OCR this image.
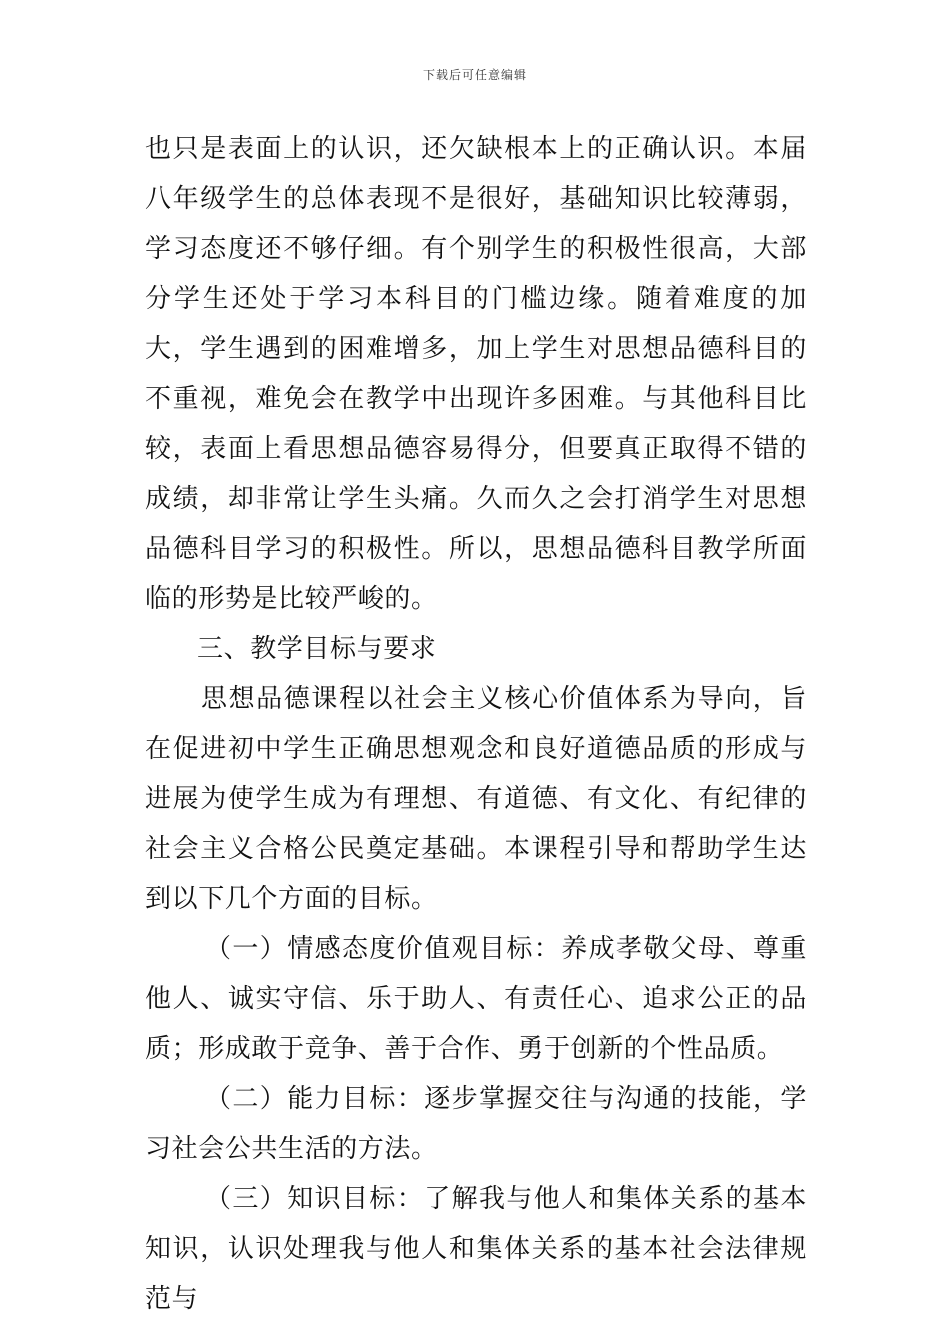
下载后可任意编辑

也只是表面上的认识，还欠缺根本上的正确认识。本届八年级学生的总体表现不是很好，基础知识比较薄弱，学习态度还不够仔细。有个别学生的积极性很高，大部分学生还处于学习本科目的门槛边缘。随着难度的加大，学生遇到的困难增多，加上学生对思想品德科目的不重视，难免会在教学中出现许多困难。与其他科目比较，表面上看思想品德容易得分，但要真正取得不错的成绩，却非常让学生头痛。久而久之会打消学生对思想品德科目学习的积极性。所以，思想品德科目教学所面临的形势是比较严峻的。

三、教学目标与要求

思想品德课程以社会主义核心价值体系为导向，旨在促进初中学生正确思想观念和良好道德品质的形成与进展为使学生成为有理想、有道德、有文化、有纪律的社会主义合格公民奠定基础。本课程引导和帮助学生达到以下几个方面的目标。

（一）情感态度价值观目标：养成孝敬父母、尊重他人、诚实守信、乐于助人、有责任心、追求公正的品质；形成敢于竞争、善于合作、勇于创新的个性品质。

（二）能力目标：逐步掌握交往与沟通的技能，学习社会公共生活的方法。

（三）知识目标：了解我与他人和集体关系的基本知识，认识处理我与他人和集体关系的基本社会法律规范与
